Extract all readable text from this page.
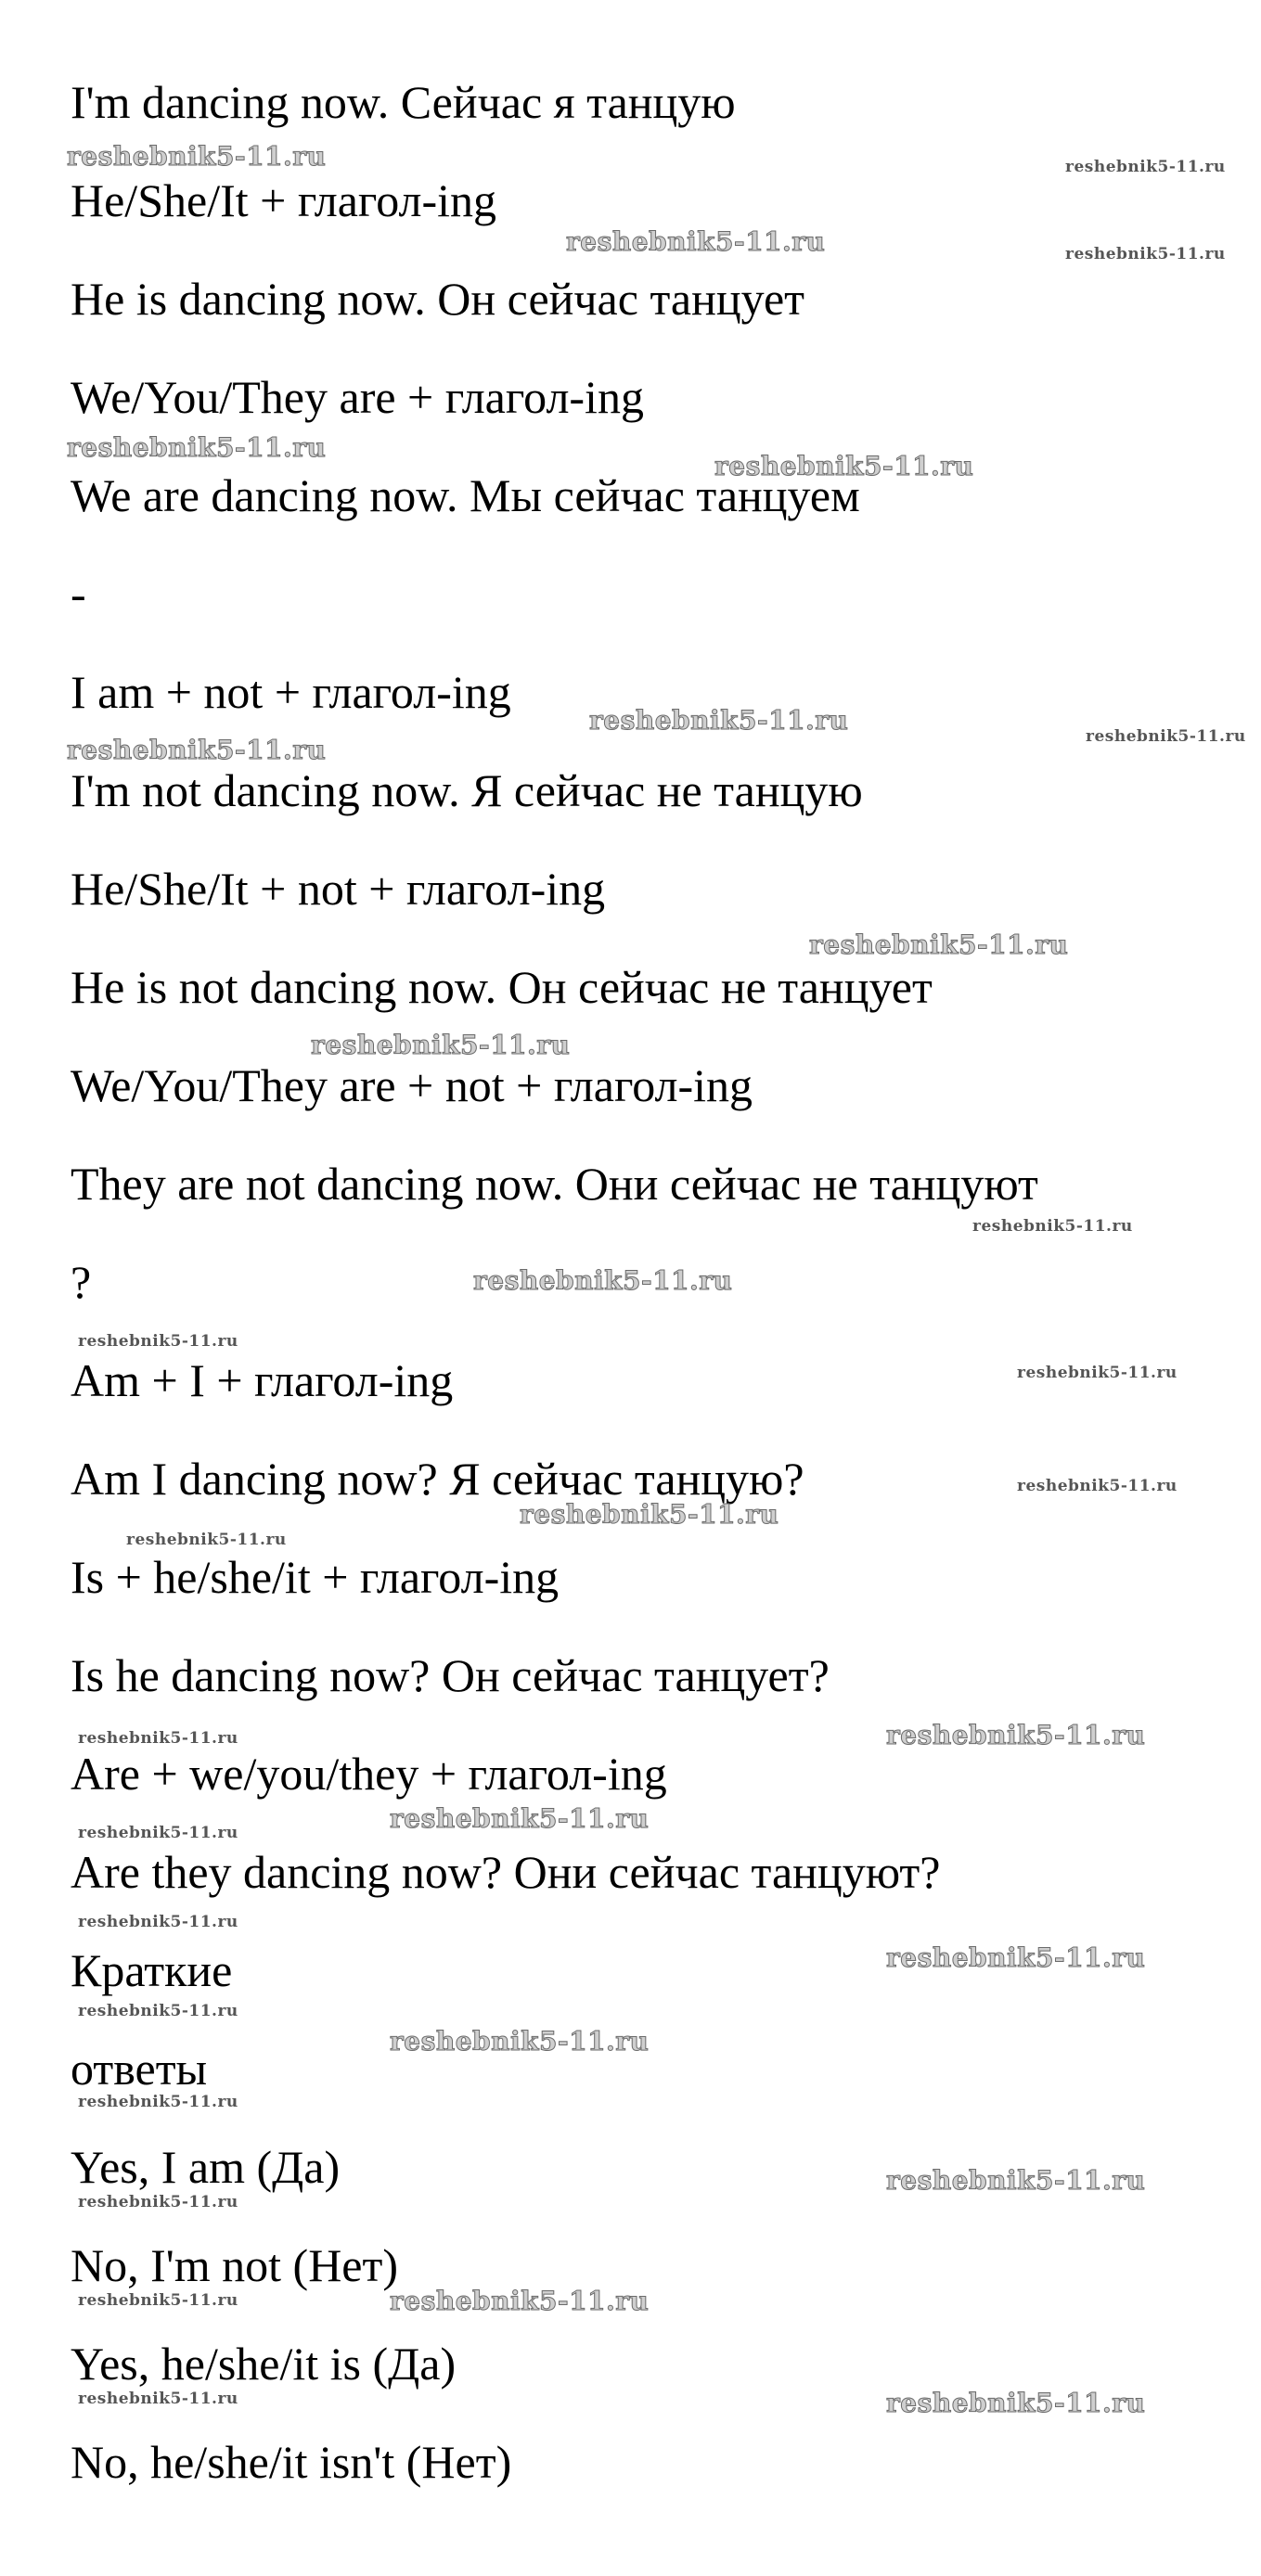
I'm dancing now. Сейчас я танцую

He/She/It + глагол-ing

He is dancing now. Он сейчас танцует

We/You/They are + глагол-ing

We are dancing now. Мы сейчас танцуем

-

I am + not + глагол-ing

I'm not dancing now. Я сейчас не танцую

He/She/It + not + глагол-ing

He is not dancing now. Он сейчас не танцует

We/You/They are + not + глагол-ing

They are not dancing now. Они сейчас не танцуют

?

Am + I + глагол-ing

Am I dancing now? Я сейчас танцую?

Is + he/she/it + глагол-ing

Is he dancing now? Он сейчас танцует?

Are + we/you/they + глагол-ing

Are they dancing now? Они сейчас танцуют?

Краткие

ответы

Yes, I am (Да)

No, I'm not (Нет)

Yes, he/she/it is (Да)

No, he/she/it isn't (Нет)

reshebnik5-11.ru	reshebnik5-11.ru
reshebnik5-11.ru	reshebnik5-11.ru
reshebnik5-11.ru
reshebnik5-11.ru
reshebnik5-11.ru
reshebnik5-11.ru
reshebnik5-11.ru
reshebnik5-11.ru
reshebnik5-11.ru
reshebnik5-11.ru
reshebnik5-11.ru
reshebnik5-11.ru
reshebnik5-11.ru
reshebnik5-11.ru
reshebnik5-11.ru
reshebnik5-11.ru
reshebnik5-11.ru
reshebnik5-11.ru
reshebnik5-11.ru
reshebnik5-11.ru
reshebnik5-11.ru
reshebnik5-11.ru
reshebnik5-11.ru
reshebnik5-11.ru
reshebnik5-11.ru
reshebnik5-11.ru
reshebnik5-11.ru
reshebnik5-11.ru	reshebnik5-11.ru
reshebnik5-11.ru	reshebnik5-11.ru
